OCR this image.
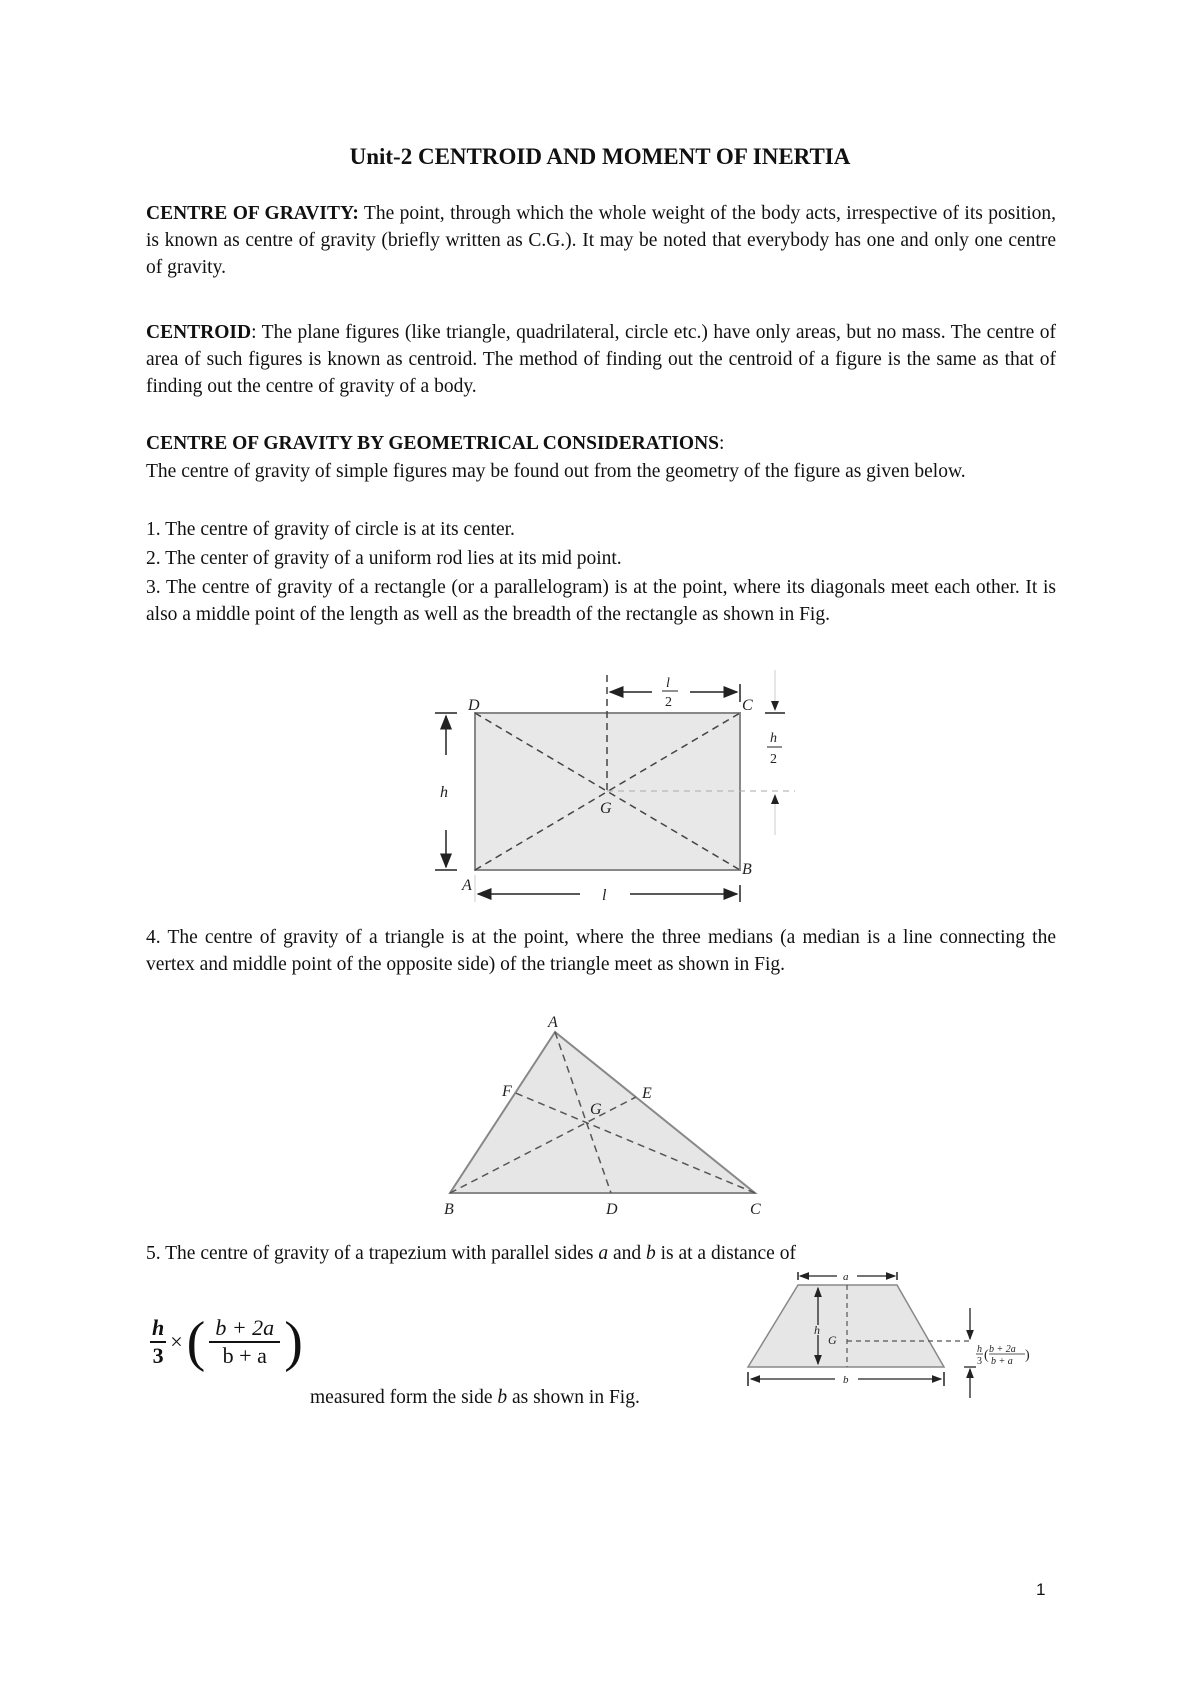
Unit-2 CENTROID AND MOMENT OF INERTIA
CENTRE OF GRAVITY: The point, through which the whole weight of the body acts, irrespective of its position, is known as centre of gravity (briefly written as C.G.). It may be noted that everybody has one and only one centre of gravity.
CENTROID: The plane figures (like triangle, quadrilateral, circle etc.) have only areas, but no mass. The centre of area of such figures is known as centroid. The method of finding out the centroid of a figure is the same as that of finding out the centre of gravity of a body.
CENTRE OF GRAVITY BY GEOMETRICAL CONSIDERATIONS:
The centre of gravity of simple figures may be found out from the geometry of the figure as given below.
1. The centre of gravity of circle is at its center.
2. The center of gravity of a uniform rod lies at its mid point.
3. The centre of gravity of a rectangle (or a parallelogram) is at the point, where its diagonals meet each other. It is also a middle point of the length as well as the breadth of the rectangle as shown in Fig.
h
l
l
2
h
2
D	C
A
B
G
4. The centre of gravity of a triangle is at the point, where the three medians (a median is a line connecting the vertex and middle point of the opposite side) of the triangle meet as shown in Fig.
A
B	C
D
E
F
G
5. The centre of gravity of a trapezium with parallel sides a and b is at a distance of
$\frac{h}{3}$ × ( $\frac{b + 2a}{b + a}$ )
measured form the side b as shown in Fig.
a
h
G
b
h
3 ( b + 2a
b + a )
1
